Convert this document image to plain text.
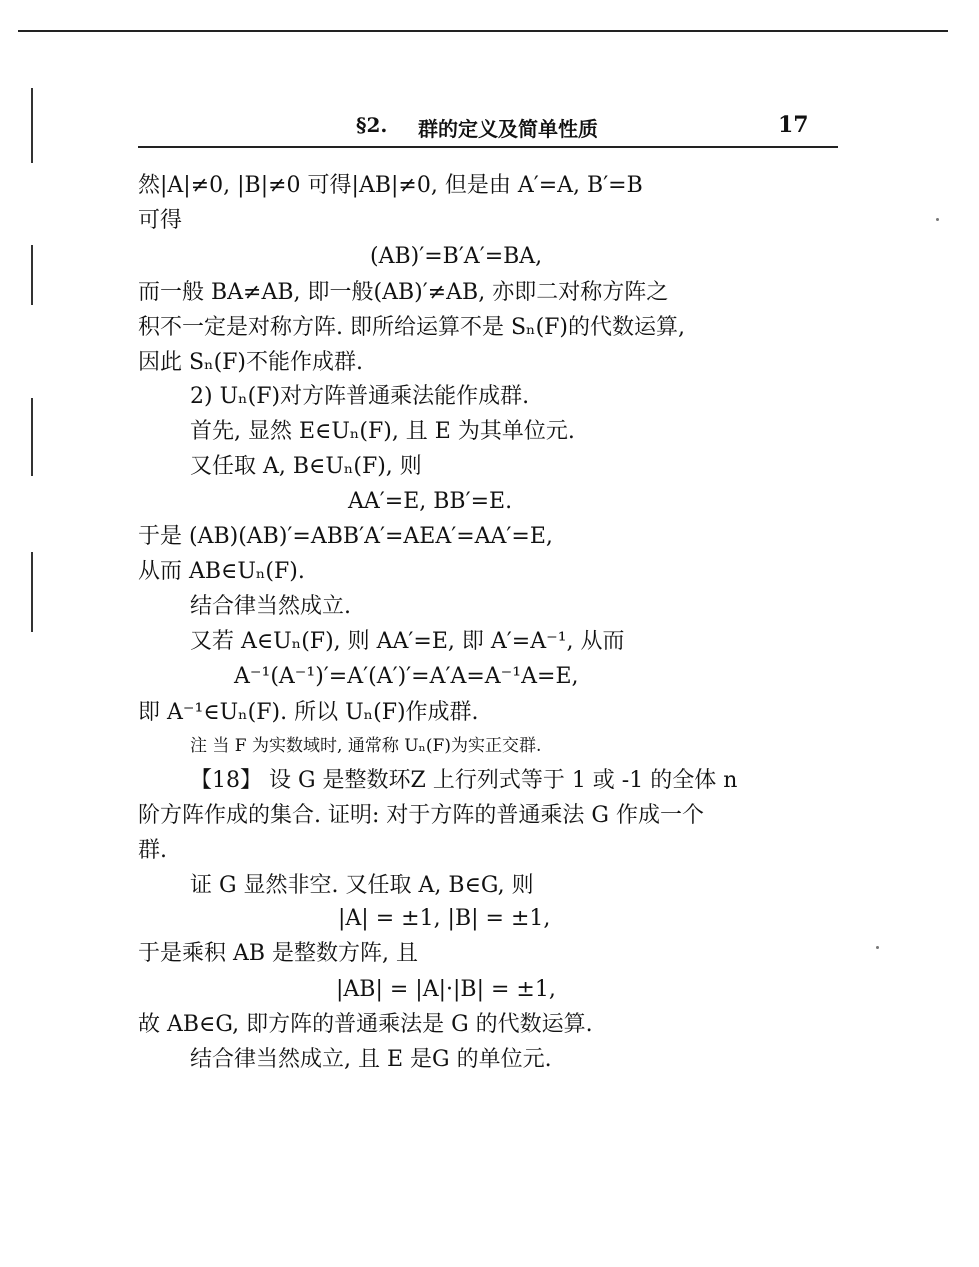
§2. 群的定义及简单性质	17
然|A|≠0, |B|≠0 可得|AB|≠0, 但是由 A′=A, B′=B
可得
(AB)′=B′A′=BA,
而一般 BA≠AB, 即一般(AB)′≠AB, 亦即二对称方阵之
积不一定是对称方阵. 即所给运算不是 Sₙ(F)的代数运算,
因此 Sₙ(F)不能作成群.
2) Uₙ(F)对方阵普通乘法能作成群.
首先, 显然 E∈Uₙ(F), 且 E 为其单位元.
又任取 A, B∈Uₙ(F), 则
AA′=E, BB′=E.
于是 (AB)(AB)′=ABB′A′=AEA′=AA′=E,
从而 AB∈Uₙ(F).
结合律当然成立.
又若 A∈Uₙ(F), 则 AA′=E, 即 A′=A⁻¹, 从而
A⁻¹(A⁻¹)′=A′(A′)′=A′A=A⁻¹A=E,
即 A⁻¹∈Uₙ(F). 所以 Uₙ(F)作成群.
注 当 F 为实数域时, 通常称 Uₙ(F)为实正交群.
【18】 设 G 是整数环Z 上行列式等于 1 或 -1 的全体 n
阶方阵作成的集合. 证明: 对于方阵的普通乘法 G 作成一个
群.
证 G 显然非空. 又任取 A, B∈G, 则
|A| = ±1, |B| = ±1,
于是乘积 AB 是整数方阵, 且
|AB| = |A|·|B| = ±1,
故 AB∈G, 即方阵的普通乘法是 G 的代数运算.
结合律当然成立, 且 E 是G 的单位元.
